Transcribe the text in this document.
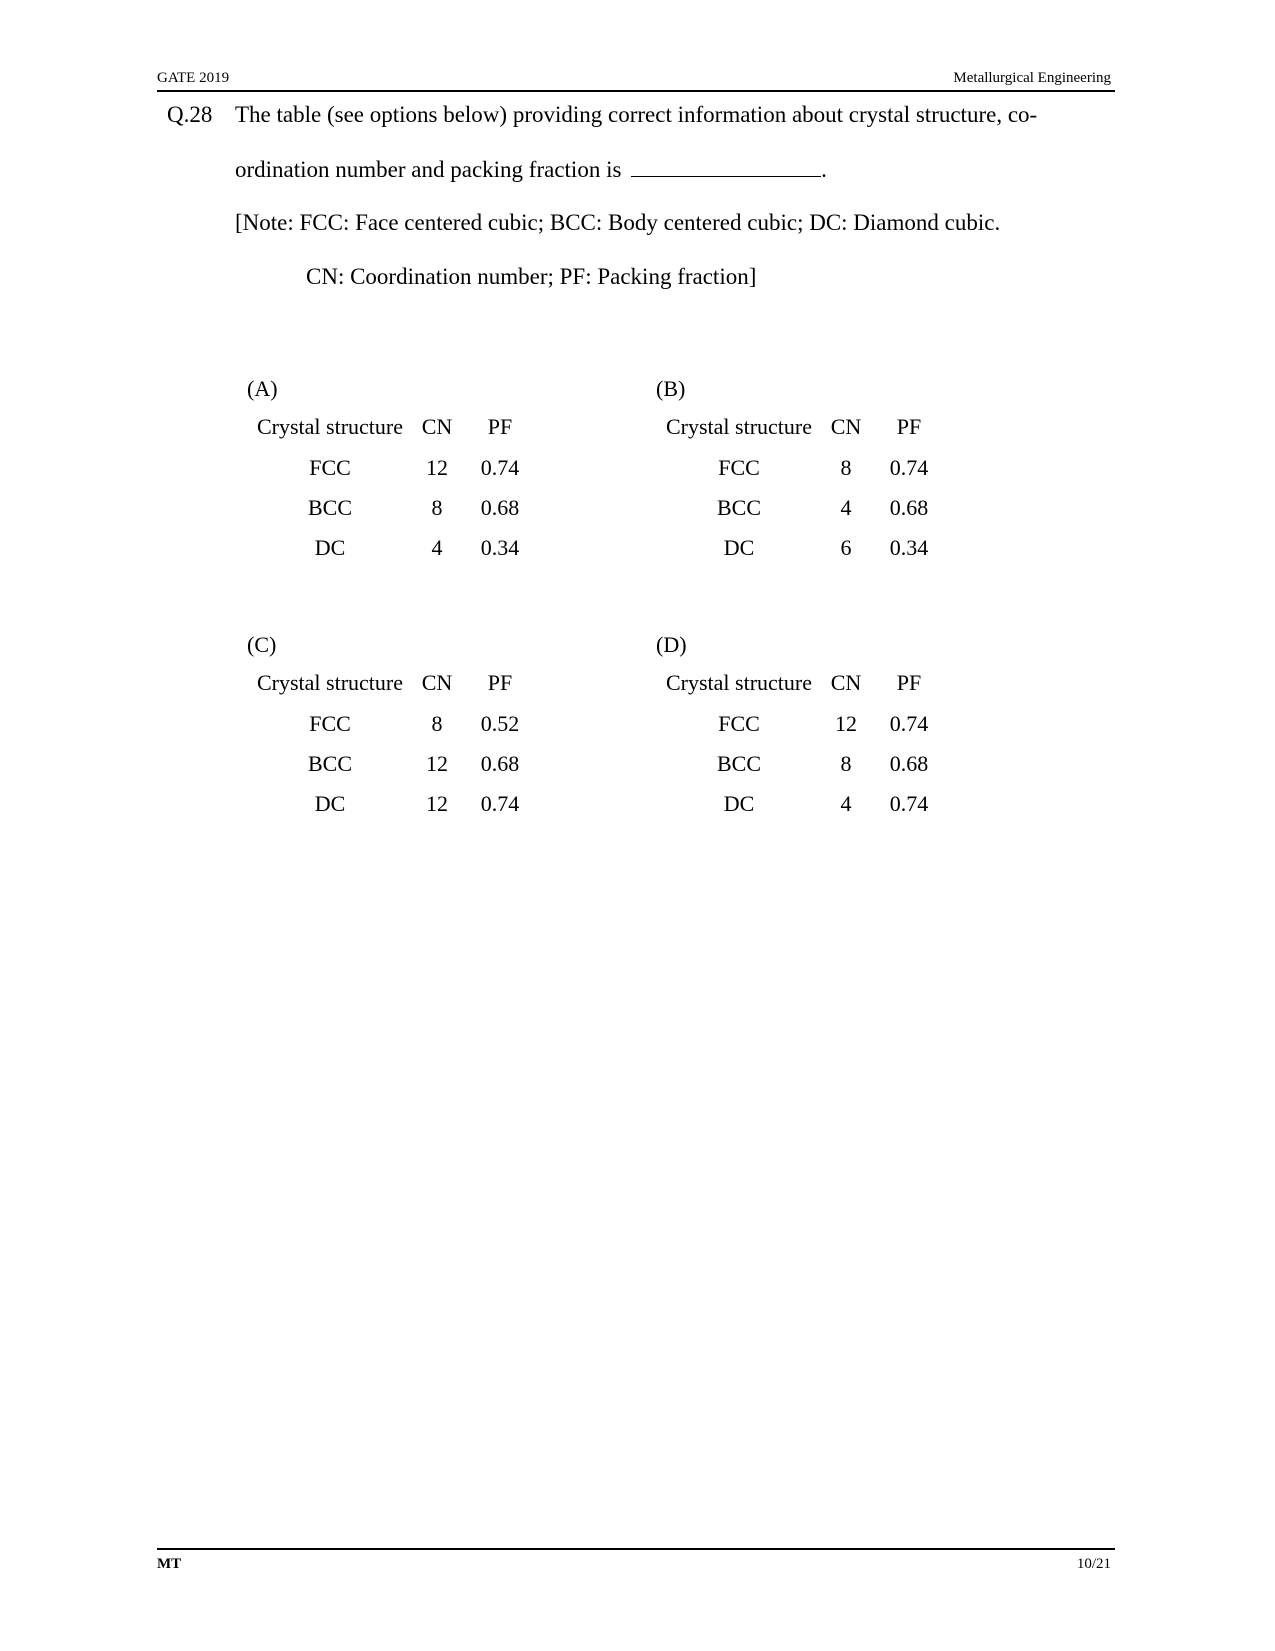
GATE 2019	Metallurgical Engineering
Q.28 The table (see options below) providing correct information about crystal structure, co-
ordination number and packing fraction is	.
[Note: FCC: Face centered cubic; BCC: Body centered cubic; DC: Diamond cubic.
CN: Coordination number; PF: Packing fraction]
(A)
Crystal structure CN	PF
FCC	12	0.74
BCC	8	0.68
DC	4	0.34
(B)
Crystal structure CN	PF
FCC	8	0.74
BCC	4	0.68
DC	6	0.34
(C)
Crystal structure CN	PF
FCC	8	0.52
BCC	12	0.68
DC	12	0.74
(D)
Crystal structure CN	PF
FCC	12	0.74
BCC	8	0.68
DC	4	0.74
MT	10/21
